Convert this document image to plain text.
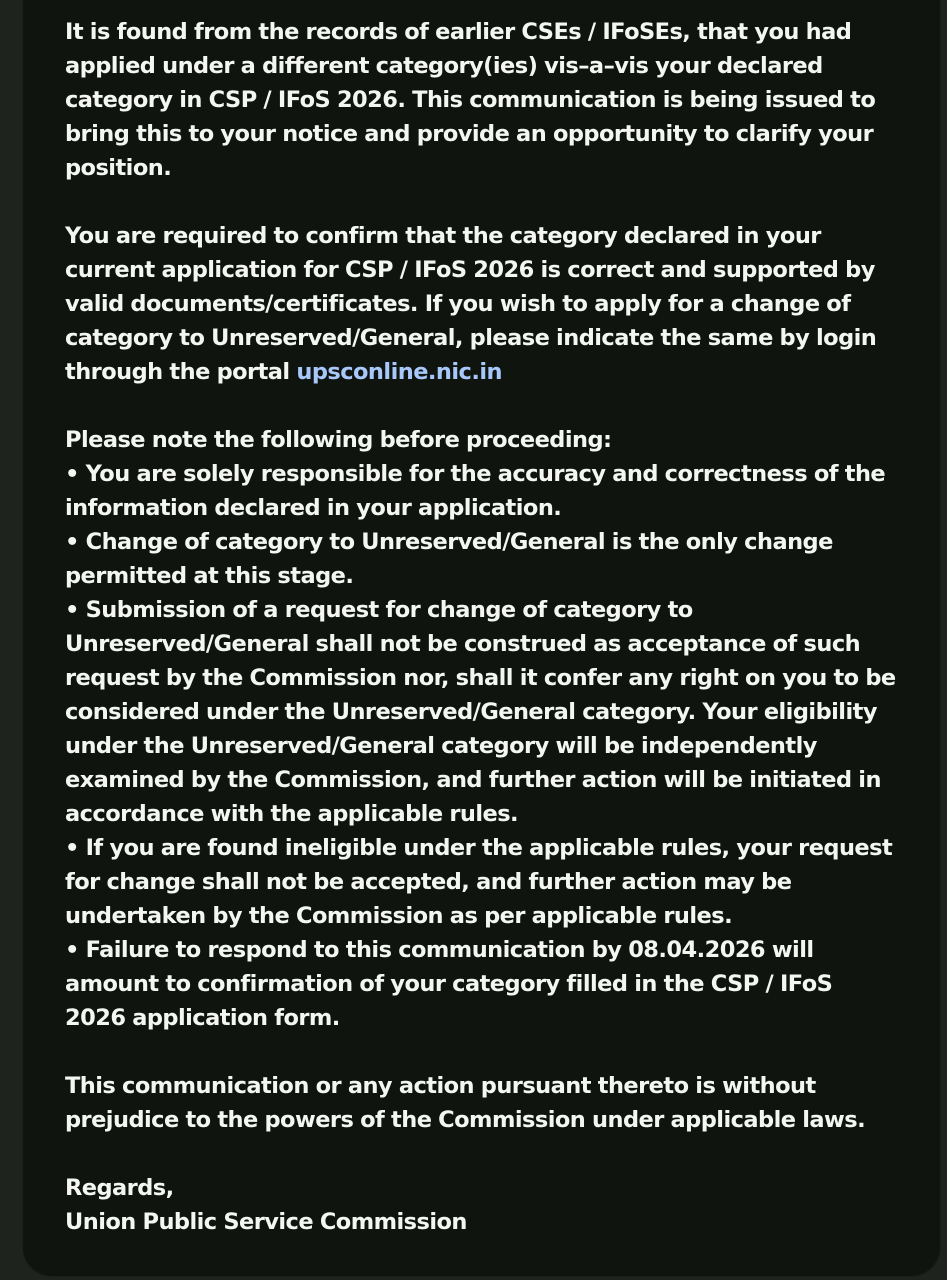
It is found from the records of earlier CSEs / IFoSEs, that you had
applied under a different category(ies) vis–a–vis your declared
category in CSP / IFoS 2026. This communication is being issued to
bring this to your notice and provide an opportunity to clarify your
position.
You are required to confirm that the category declared in your
current application for CSP / IFoS 2026 is correct and supported by
valid documents/certificates. If you wish to apply for a change of
category to Unreserved/General, please indicate the same by login
through the portal upsconline.nic.in
Please note the following before proceeding:
• You are solely responsible for the accuracy and correctness of the
information declared in your application.
• Change of category to Unreserved/General is the only change
permitted at this stage.
• Submission of a request for change of category to
Unreserved/General shall not be construed as acceptance of such
request by the Commission nor, shall it confer any right on you to be
considered under the Unreserved/General category. Your eligibility
under the Unreserved/General category will be independently
examined by the Commission, and further action will be initiated in
accordance with the applicable rules.
• If you are found ineligible under the applicable rules, your request
for change shall not be accepted, and further action may be
undertaken by the Commission as per applicable rules.
• Failure to respond to this communication by 08.04.2026 will
amount to confirmation of your category filled in the CSP / IFoS
2026 application form.
This communication or any action pursuant thereto is without
prejudice to the powers of the Commission under applicable laws.
Regards,
Union Public Service Commission
